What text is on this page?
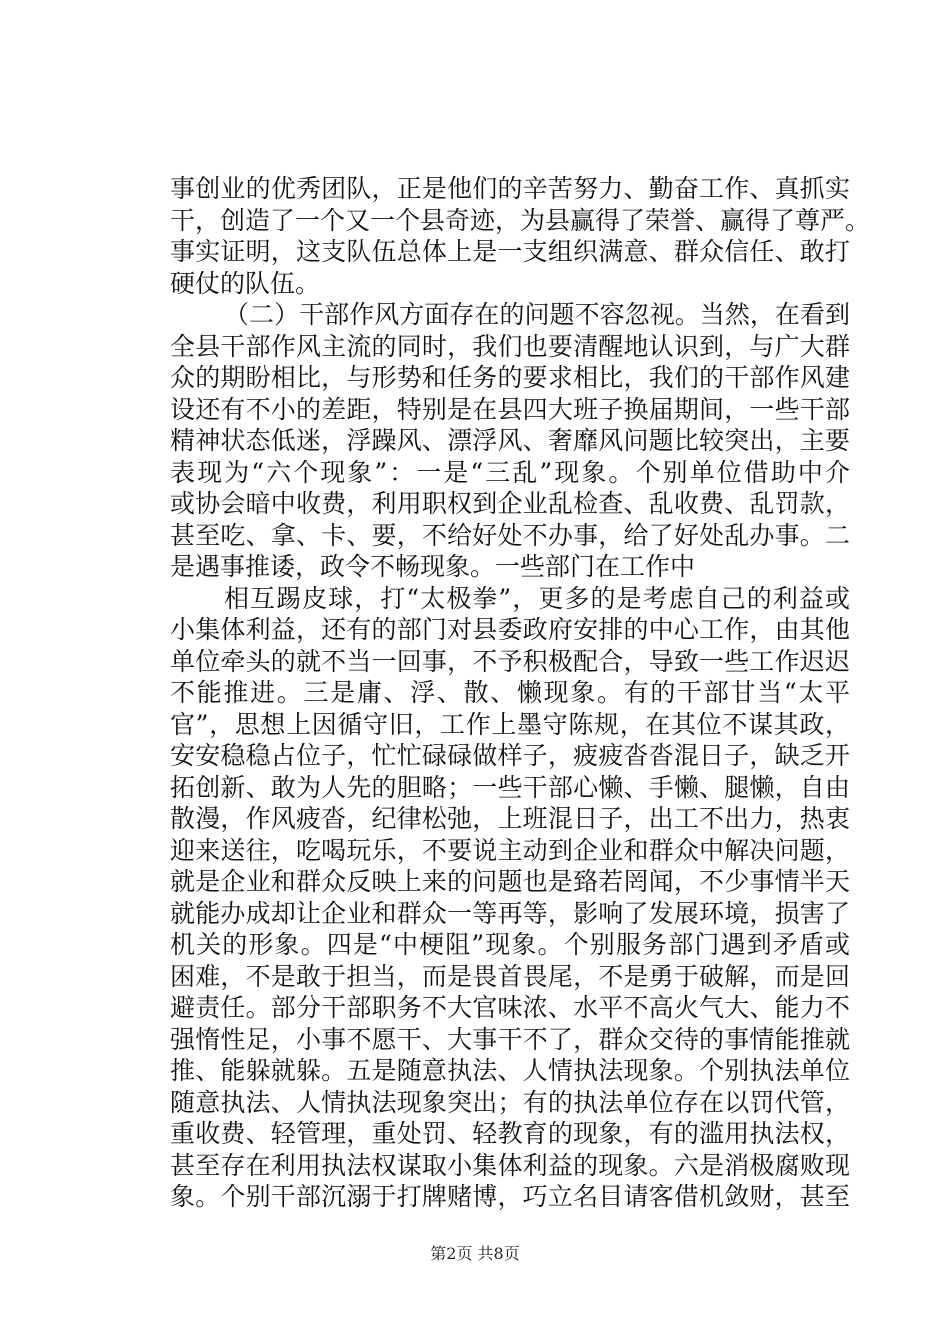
事创业的优秀团队，正是他们的辛苦努力、勤奋工作、真抓实
干，创造了一个又一个县奇迹，为县赢得了荣誉、赢得了尊严。
事实证明，这支队伍总体上是一支组织满意、群众信任、敢打
硬仗的队伍。
（二）干部作风方面存在的问题不容忽视。当然，在看到
全县干部作风主流的同时，我们也要清醒地认识到，与广大群
众的期盼相比，与形势和任务的要求相比，我们的干部作风建
设还有不小的差距，特别是在县四大班子换届期间，一些干部
精神状态低迷，浮躁风、漂浮风、奢靡风问题比较突出，主要
表现为“六个现象”：一是“三乱”现象。个别单位借助中介
或协会暗中收费，利用职权到企业乱检查、乱收费、乱罚款，
甚至吃、拿、卡、要，不给好处不办事，给了好处乱办事。二
是遇事推诿，政令不畅现象。一些部门在工作中
相互踢皮球，打“太极拳”，更多的是考虑自己的利益或
小集体利益，还有的部门对县委政府安排的中心工作，由其他
单位牵头的就不当一回事，不予积极配合，导致一些工作迟迟
不能推进。三是庸、浮、散、懒现象。有的干部甘当“太平
官”，思想上因循守旧，工作上墨守陈规，在其位不谋其政，
安安稳稳占位子，忙忙碌碌做样子，疲疲沓沓混日子，缺乏开
拓创新、敢为人先的胆略；一些干部心懒、手懒、腿懒，自由
散漫，作风疲沓，纪律松弛，上班混日子，出工不出力，热衷
迎来送往，吃喝玩乐，不要说主动到企业和群众中解决问题，
就是企业和群众反映上来的问题也是臵若罔闻，不少事情半天
就能办成却让企业和群众一等再等，影响了发展环境，损害了
机关的形象。四是“中梗阻”现象。个别服务部门遇到矛盾或
困难，不是敢于担当，而是畏首畏尾，不是勇于破解，而是回
避责任。部分干部职务不大官味浓、水平不高火气大、能力不
强惰性足，小事不愿干、大事干不了，群众交待的事情能推就
推、能躲就躲。五是随意执法、人情执法现象。个别执法单位
随意执法、人情执法现象突出；有的执法单位存在以罚代管，
重收费、轻管理，重处罚、轻教育的现象，有的滥用执法权，
甚至存在利用执法权谋取小集体利益的现象。六是消极腐败现
象。个别干部沉溺于打牌赌博，巧立名目请客借机敛财，甚至
第2页 共8页
